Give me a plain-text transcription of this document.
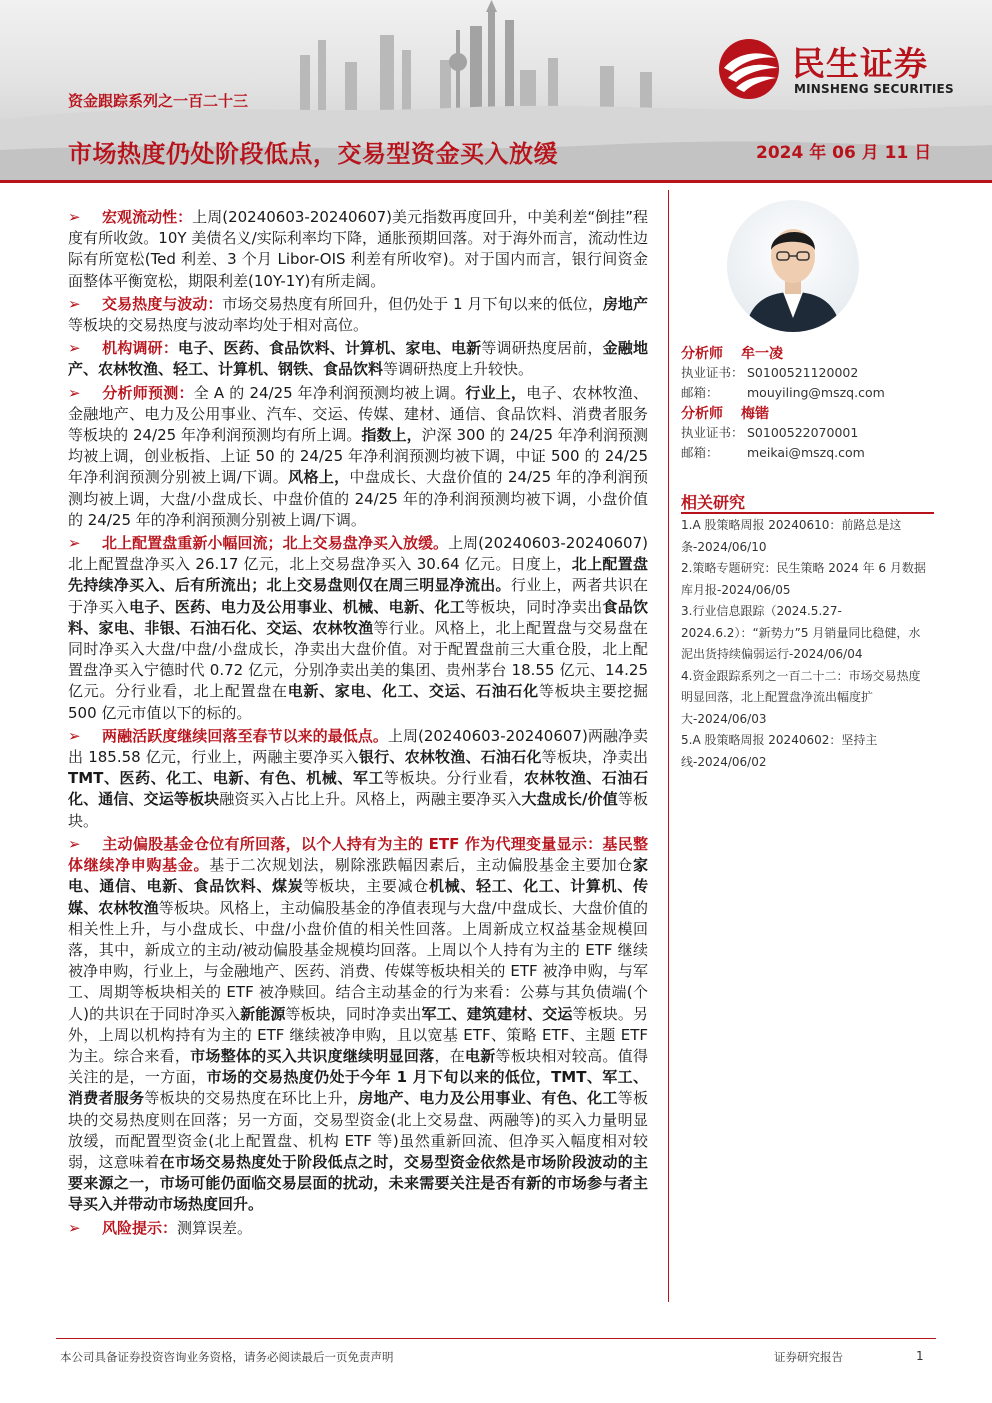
民生证券
MINSHENG SECURITIES
资金跟踪系列之一百二十三
市场热度仍处阶段低点，交易型资金买入放缓	2024 年 06 月 11 日

➢ 宏观流动性：上周(20240603-20240607)美元指数再度回升，中美利差“倒挂”程度有所收敛。10Y 美债名义/实际利率均下降，通胀预期回落。对于海外而言，流动性边际有所宽松(Ted 利差、3 个月 Libor-OIS 利差有所收窄)。对于国内而言，银行间资金面整体平衡宽松，期限利差(10Y-1Y)有所走阔。

➢ 交易热度与波动：市场交易热度有所回升，但仍处于 1 月下旬以来的低位，房地产等板块的交易热度与波动率均处于相对高位。

➢ 机构调研：电子、医药、食品饮料、计算机、家电、电新等调研热度居前，金融地产、农林牧渔、轻工、计算机、钢铁、食品饮料等调研热度上升较快。

➢ 分析师预测：全 A 的 24/25 年净利润预测均被上调。行业上，电子、农林牧渔、金融地产、电力及公用事业、汽车、交运、传媒、建材、通信、食品饮料、消费者服务等板块的 24/25 年净利润预测均有所上调。指数上，沪深 300 的 24/25 年净利润预测均被上调，创业板指、上证 50 的 24/25 年净利润预测均被下调，中证 500 的 24/25 年净利润预测分别被上调/下调。风格上，中盘成长、大盘价值的 24/25 年的净利润预测均被上调，大盘/小盘成长、中盘价值的 24/25 年的净利润预测均被下调，小盘价值的 24/25 年的净利润预测分别被上调/下调。

➢ 北上配置盘重新小幅回流；北上交易盘净买入放缓。上周(20240603-20240607)北上配置盘净买入 26.17 亿元，北上交易盘净买入 30.64 亿元。日度上，北上配置盘先持续净买入、后有所流出；北上交易盘则仅在周三明显净流出。行业上，两者共识在于净买入电子、医药、电力及公用事业、机械、电新、化工等板块，同时净卖出食品饮料、家电、非银、石油石化、交运、农林牧渔等行业。风格上，北上配置盘与交易盘在同时净买入大盘/中盘/小盘成长，净卖出大盘价值。对于配置盘前三大重仓股，北上配置盘净买入宁德时代 0.72 亿元，分别净卖出美的集团、贵州茅台 18.55 亿元、14.25 亿元。分行业看，北上配置盘在电新、家电、化工、交运、石油石化等板块主要挖掘 500 亿元市值以下的标的。

➢ 两融活跃度继续回落至春节以来的最低点。上周(20240603-20240607)两融净卖出 185.58 亿元，行业上，两融主要净买入银行、农林牧渔、石油石化等板块，净卖出TMT、医药、化工、电新、有色、机械、军工等板块。分行业看，农林牧渔、石油石化、通信、交运等板块融资买入占比上升。风格上，两融主要净买入大盘成长/价值等板块。

➢ 主动偏股基金仓位有所回落，以个人持有为主的 ETF 作为代理变量显示：基民整体继续净申购基金。基于二次规划法，剔除涨跌幅因素后，主动偏股基金主要加仓家电、通信、电新、食品饮料、煤炭等板块，主要减仓机械、轻工、化工、计算机、传媒、农林牧渔等板块。风格上，主动偏股基金的净值表现与大盘/中盘成长、大盘价值的相关性上升，与小盘成长、中盘/小盘价值的相关性回落。上周新成立权益基金规模回落，其中，新成立的主动/被动偏股基金规模均回落。上周以个人持有为主的 ETF 继续被净申购，行业上，与金融地产、医药、消费、传媒等板块相关的 ETF 被净申购，与军工、周期等板块相关的 ETF 被净赎回。结合主动基金的行为来看：公募与其负债端(个人)的共识在于同时净买入新能源等板块，同时净卖出军工、建筑建材、交运等板块。另外，上周以机构持有为主的 ETF 继续被净申购，且以宽基 ETF、策略 ETF、主题 ETF 为主。综合来看，市场整体的买入共识度继续明显回落，在电新等板块相对较高。值得关注的是，一方面，市场的交易热度仍处于今年 1 月下旬以来的低位，TMT、军工、消费者服务等板块的交易热度在环比上升，房地产、电力及公用事业、有色、化工等板块的交易热度则在回落；另一方面，交易型资金(北上交易盘、两融等)的买入力量明显放缓，而配置型资金(北上配置盘、机构 ETF 等)虽然重新回流、但净买入幅度相对较弱，这意味着在市场交易热度处于阶段低点之时，交易型资金依然是市场阶段波动的主要来源之一，市场可能仍面临交易层面的扰动，未来需要关注是否有新的市场参与者主导买入并带动市场热度回升。

➢ 风险提示：测算误差。

分析师 牟一凌
执业证书： S0100521120002
邮箱： mouyiling@mszq.com
分析师 梅锴
执业证书： S0100522070001
邮箱： meikai@mszq.com
相关研究
1.A 股策略周报 20240610：前路总是这条-2024/06/10
2.策略专题研究：民生策略 2024 年 6 月数据库月报-2024/06/05
3.行业信息跟踪（2024.5.27-2024.6.2）：“新势力”5 月销量同比稳健，水泥出货持续偏弱运行-2024/06/04
4.资金跟踪系列之一百二十二：市场交易热度明显回落，北上配置盘净流出幅度扩大-2024/06/03
5.A 股策略周报 20240602：坚持主线-2024/06/02
本公司具备证券投资咨询业务资格，请务必阅读最后一页免责声明	证券研究报告	1
